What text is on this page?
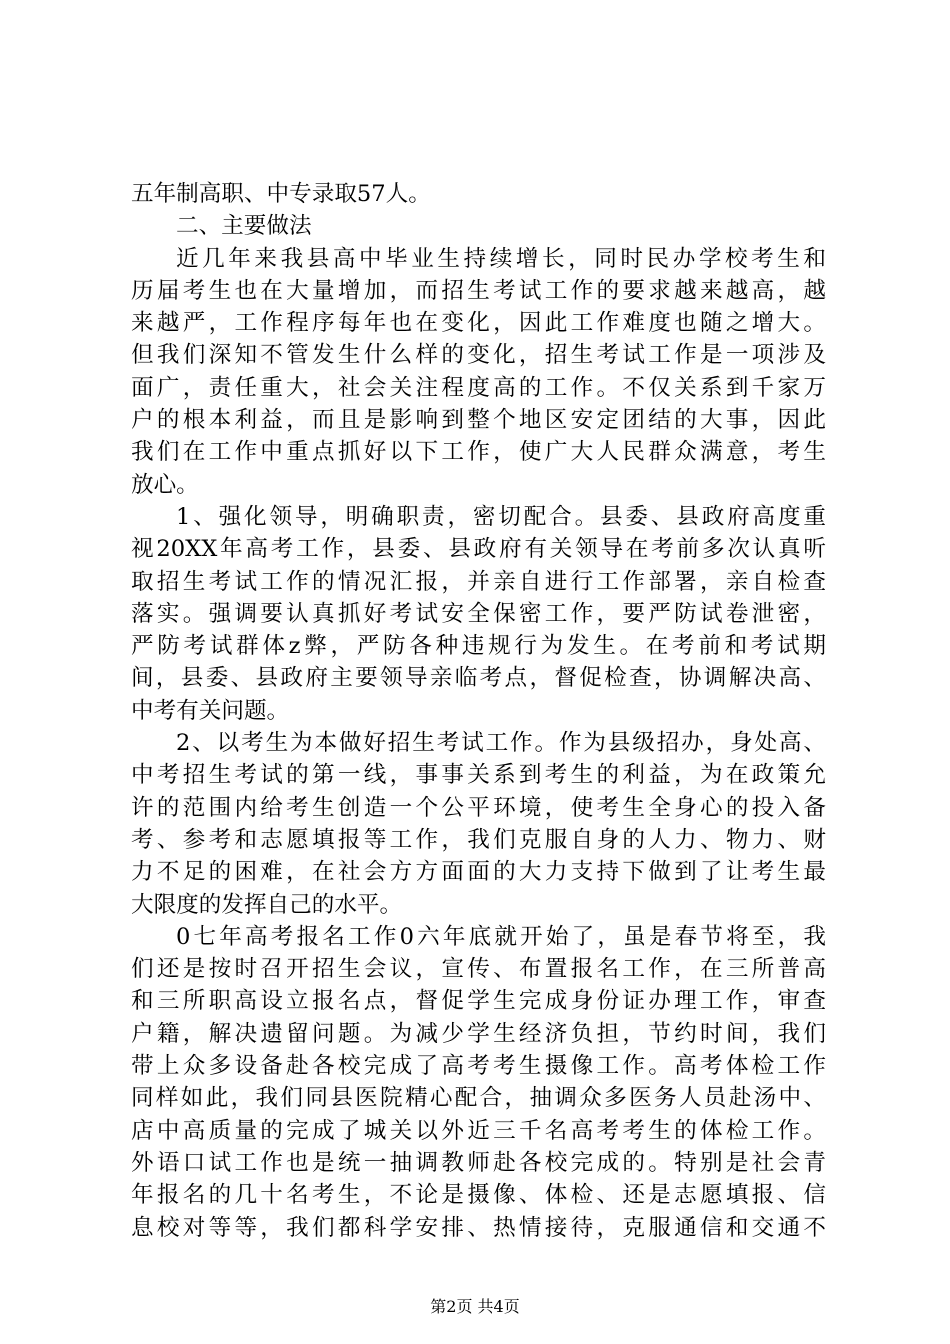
五年制高职、中专录取57人。
二、主要做法
近几年来我县高中毕业生持续增长，同时民办学校考生和
历届考生也在大量增加，而招生考试工作的要求越来越高，越
来越严，工作程序每年也在变化，因此工作难度也随之增大。
但我们深知不管发生什么样的变化，招生考试工作是一项涉及
面广，责任重大，社会关注程度高的工作。不仅关系到千家万
户的根本利益，而且是影响到整个地区安定团结的大事，因此
我们在工作中重点抓好以下工作，使广大人民群众满意，考生
放心。
1、强化领导，明确职责，密切配合。县委、县政府高度重
视20XX年高考工作，县委、县政府有关领导在考前多次认真听
取招生考试工作的情况汇报，并亲自进行工作部署，亲自检查
落实。强调要认真抓好考试安全保密工作，要严防试卷泄密，
严防考试群体z弊，严防各种违规行为发生。在考前和考试期
间，县委、县政府主要领导亲临考点，督促检查，协调解决高、
中考有关问题。
2、以考生为本做好招生考试工作。作为县级招办，身处高、
中考招生考试的第一线，事事关系到考生的利益，为在政策允
许的范围内给考生创造一个公平环境，使考生全身心的投入备
考、参考和志愿填报等工作，我们克服自身的人力、物力、财
力不足的困难，在社会方方面面的大力支持下做到了让考生最
大限度的发挥自己的水平。
0七年高考报名工作0六年底就开始了，虽是春节将至，我
们还是按时召开招生会议，宣传、布置报名工作，在三所普高
和三所职高设立报名点，督促学生完成身份证办理工作，审查
户籍，解决遗留问题。为减少学生经济负担，节约时间，我们
带上众多设备赴各校完成了高考考生摄像工作。高考体检工作
同样如此，我们同县医院精心配合，抽调众多医务人员赴汤中、
店中高质量的完成了城关以外近三千名高考考生的体检工作。
外语口试工作也是统一抽调教师赴各校完成的。特别是社会青
年报名的几十名考生，不论是摄像、体检、还是志愿填报、信
息校对等等，我们都科学安排、热情接待，克服通信和交通不
第2页 共4页
